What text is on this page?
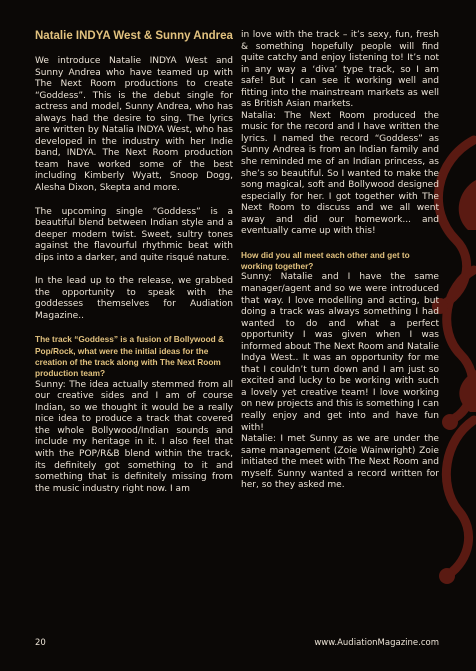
Natalie INDYA West & Sunny Andrea

We introduce Natalie INDYA West and Sunny Andrea who have teamed up with The Next Room productions to create “Goddess”. This is the debut single for actress and model, Sunny Andrea, who has always had the desire to sing. The lyrics are written by Natalia INDYA West, who has developed in the industry with her Indie band, INDYA. The Next Room production team have worked some of the best including Kimberly Wyatt, Snoop Dogg, Alesha Dixon, Skepta and more.

The upcoming single “Goddess” is a beautiful blend between Indian style and a deeper modern twist. Sweet, sultry tones against the flavourful rhythmic beat with dips into a darker, and quite risqué nature.

In the lead up to the release, we grabbed the opportunity to speak with the goddesses themselves for Audiation Magazine..

The track “Goddess” is a fusion of Bollywood & Pop/Rock, what were the initial ideas for the creation of the track along with The Next Room production team?

Sunny: The idea actually stemmed from all our creative sides and I am of course Indian, so we thought it would be a really nice idea to produce a track that covered the whole Bollywood/Indian sounds and include my heritage in it. I also feel that with the POP/R&B blend within the track, its definitely got something to it and something that is definitely missing from the music industry right now. I am

in love with the track – it’s sexy, fun, fresh & something hopefully people will find quite catchy and enjoy listening to! It’s not in any way a ‘diva’ type track, so I am safe! But I can see it working well and fitting into the mainstream markets as well as British Asian markets.

Natalia: The Next Room produced the music for the record and I have written the lyrics. I named the record “Goddess” as Sunny Andrea is from an Indian family and she reminded me of an Indian princess, as she’s so beautiful. So I wanted to make the song magical, soft and Bollywood designed especially for her. I got together with The Next Room to discuss and we all went away and did our homework... and eventually came up with this!

How did you all meet each other and get to working together?

Sunny: Natalie and I have the same manager/agent and so we were introduced that way. I love modelling and acting, but doing a track was always something I had wanted to do and what a perfect opportunity I was given when I was informed about The Next Room and Natalie Indya West.. It was an opportunity for me that I couldn’t turn down and I am just so excited and lucky to be working with such a lovely yet creative team! I love working on new projects and this is something I can really enjoy and get into and have fun with!

Natalie: I met Sunny as we are under the same management (Zoie Wainwright) Zoie initiated the meet with The Next Room and myself. Sunny wanted a record written for her, so they asked me.

20	www.AudiationMagazine.com
